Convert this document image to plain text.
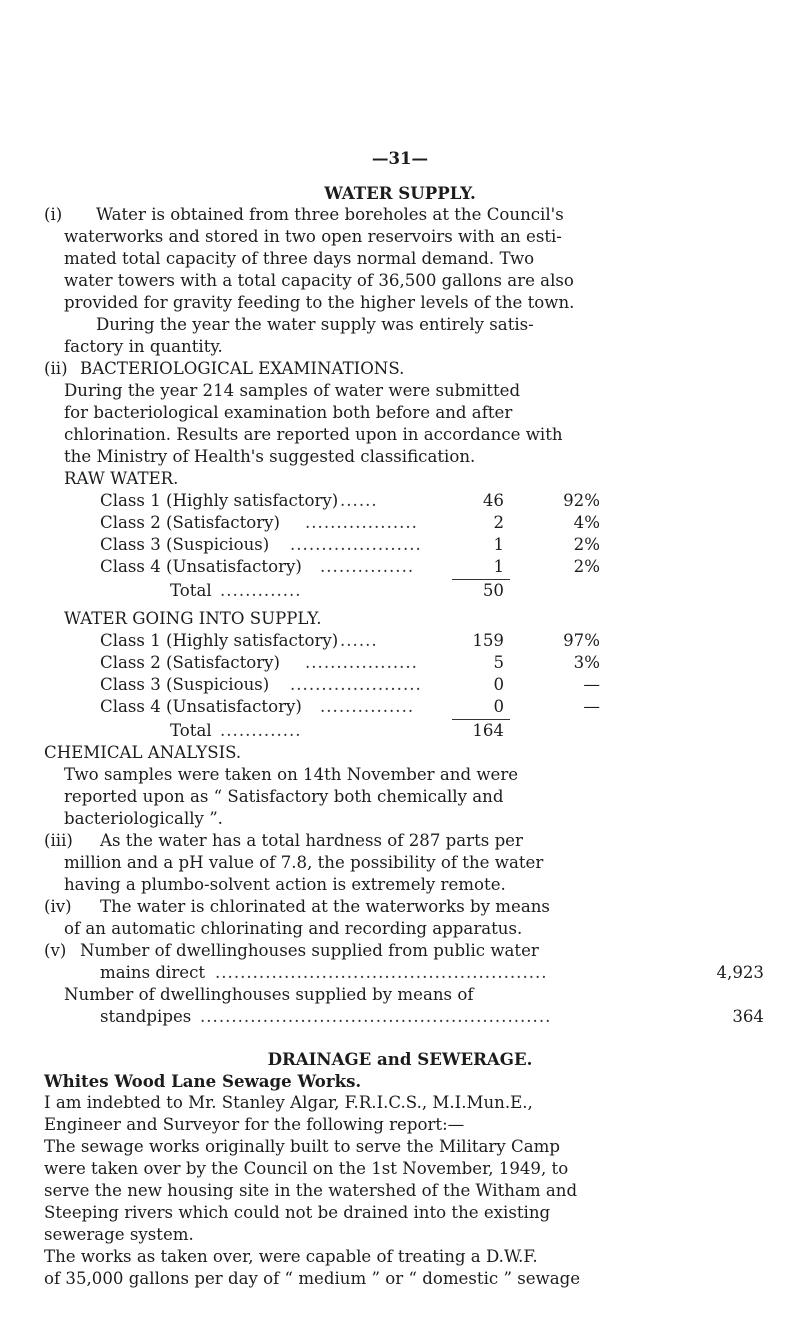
—31—
WATER SUPPLY.
(i) Water is obtained from three boreholes at the Council's
waterworks and stored in two open reservoirs with an esti-
mated total capacity of three days normal demand. Two
water towers with a total capacity of 36,500 gallons are also
provided for gravity feeding to the higher levels of the town.
During the year the water supply was entirely satis-
factory in quantity.
(ii) BACTERIOLOGICAL EXAMINATIONS.
During the year 214 samples of water were submitted
for bacteriological examination both before and after
chlorination. Results are reported upon in accordance with
the Ministry of Health's suggested classification.
RAW WATER.
Class 1 (Highly satisfactory) ......	46	92%
Class 2 (Satisfactory) ..................	2	4%
Class 3 (Suspicious) .....................	1	2%
Class 4 (Unsatisfactory) ...............	1	2%
Total .............	50
WATER GOING INTO SUPPLY.
Class 1 (Highly satisfactory) ......	159	97%
Class 2 (Satisfactory) ..................	5	3%
Class 3 (Suspicious) .....................	0	—
Class 4 (Unsatisfactory) ...............	0	—
Total .............	164
CHEMICAL ANALYSIS.
Two samples were taken on 14th November and were
reported upon as “ Satisfactory both chemically and
bacteriologically ”.
(iii) As the water has a total hardness of 287 parts per
million and a pH value of 7.8, the possibility of the water
having a plumbo-solvent action is extremely remote.
(iv) The water is chlorinated at the waterworks by means
of an automatic chlorinating and recording apparatus.
(v) Number of dwellinghouses supplied from public water
mains direct .....................................................	4,923
Number of dwellinghouses supplied by means of
standpipes ........................................................	364
DRAINAGE and SEWERAGE.
Whites Wood Lane Sewage Works.
I am indebted to Mr. Stanley Algar, F.R.I.C.S., M.I.Mun.E.,
Engineer and Surveyor for the following report:—
The sewage works originally built to serve the Military Camp
were taken over by the Council on the 1st November, 1949, to
serve the new housing site in the watershed of the Witham and
Steeping rivers which could not be drained into the existing
sewerage system.
The works as taken over, were capable of treating a D.W.F.
of 35,000 gallons per day of “ medium ” or “ domestic ” sewage
